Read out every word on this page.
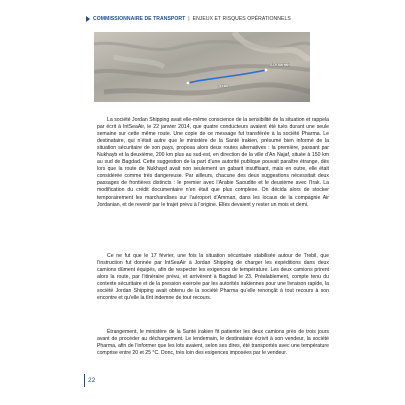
COMMISSIONNAIRE DE TRANSPORT | ENJEUX ET RISQUES OPÉRATIONNELS
Al-Kharrah
Trebil

La société Jordan Shipping avait elle-même conscience de la sensibilité de la situation et rappela par écrit à IntSeaAir, le 22 janvier 2014, que quatre conducteurs avaient été tués durant une seule semaine sur cette même route. Une copie de ce message fut transférée à la société Pharma. Le destinataire, qui n’était autre que le ministère de la Santé irakien, présumé bien informé de la situation sécuritaire de son pays, proposa alors deux routes alternatives : la première, passant par Nukhayb et la deuxième, 200 km plus au sud-est, en direction de la ville d’An Najaf, située à 150 km au sud de Bagdad. Cette suggestion de la part d’une autorité publique pouvait paraître étrange, dès lors que la route de Nukhayd avait non seulement un gabarit insuffisant, mais en outre, elle était considérée comme très dangereuse. Par ailleurs, chacune des deux suggestions nécessitait deux passages de frontières distincts : le premier avec l’Arabie Saoudite et le deuxième avec l’Irak. La modification du crédit documentaire n’en était que plus complexe. On décida alors de stocker temporairement les marchandises sur l’aéroport d’Amman, dans les locaux de la compagnie Air Jordanian, et de revenir par le trajet prévu à l’origine. Elles devaient y rester un mois et demi.

Ce ne fut que le 17 février, une fois la situation sécuritaire stabilisée autour de Trebil, que l’instruction fut donnée par IntSeaAir à Jordan Shipping de charger les expéditions dans deux camions dûment équipés, afin de respecter les exigences de température. Les deux camions prirent alors la route, par l’itinéraire prévu, et arrivèrent à Bagdad le 23. Préalablement, compte tenu du contexte sécuritaire et de la pression exercée par les autorités irakiennes pour une livraison rapide, la société Jordan Shipping avait obtenu de la société Pharma qu’elle renonçât à tout recours à son encontre et qu’elle la tînt indemne de tout recours.

Étrangement, le ministère de la Santé irakien fit patienter les deux camions près de trois jours avant de procéder au déchargement. Le lendemain, le destinataire écrivit à son vendeur, la société Pharma, afin de l’informer que les lots avaient, selon ses dires, été transportés avec une température comprise entre 20 et 25 °C. Donc, très loin des exigences imposées par le vendeur.

22
